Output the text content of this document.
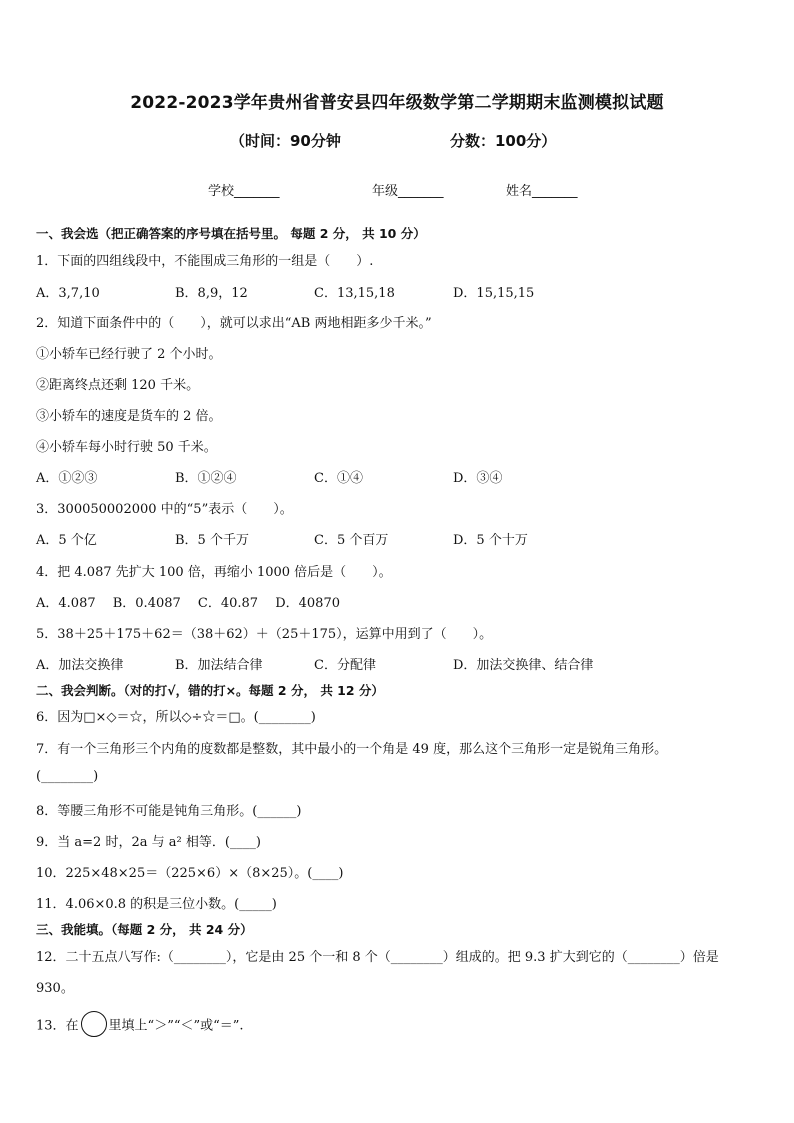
2022-2023学年贵州省普安县四年级数学第二学期期末监测模拟试题
（时间：90分钟	分数：100分）
学校_______	年级_______	姓名_______
一、我会选（把正确答案的序号填在括号里。 每题 2 分， 共 10 分）
1．下面的四组线段中，不能围成三角形的一组是（　　）.
A．3,7,10	B．8,9，12	C．13,15,18	D．15,15,15
2．知道下面条件中的（　　），就可以求出“AB 两地相距多少千米。”
①小轿车已经行驶了 2 个小时。
②距离终点还剩 120 千米。
③小轿车的速度是货车的 2 倍。
④小轿车每小时行驶 50 千米。
A．①②③	B．①②④	C．①④	D．③④
3．300050002000 中的“5”表示（　　）。
A．5 个亿	B．5 个千万	C．5 个百万	D．5 个十万
4．把 4.087 先扩大 100 倍，再缩小 1000 倍后是（　　）。
A．4.087　 B．0.4087　 C．40.87　 D．40870
5．38＋25＋175＋62＝（38＋62）＋（25＋175），运算中用到了（　　）。
A．加法交换律	B．加法结合律	C．分配律	D．加法交换律、结合律
二、我会判断。（对的打√，错的打×。每题 2 分， 共 12 分）
6．因为□×◇＝☆，所以◇÷☆＝□。(________)
7．有一个三角形三个内角的度数都是整数，其中最小的一个角是 49 度，那么这个三角形一定是锐角三角形。
(________)
8．等腰三角形不可能是钝角三角形。(______)
9．当 a=2 时，2a 与 a² 相等．(____)
10．225×48×25＝（225×6）×（8×25）。(____)
11．4.06×0.8 的积是三位小数。(_____)
三、我能填。（每题 2 分， 共 24 分）
12．二十五点八写作:（________），它是由 25 个一和 8 个（________）组成的。把 9.3 扩大到它的（________）倍是
930。
13．在 里填上“＞”“＜”或“＝”.
